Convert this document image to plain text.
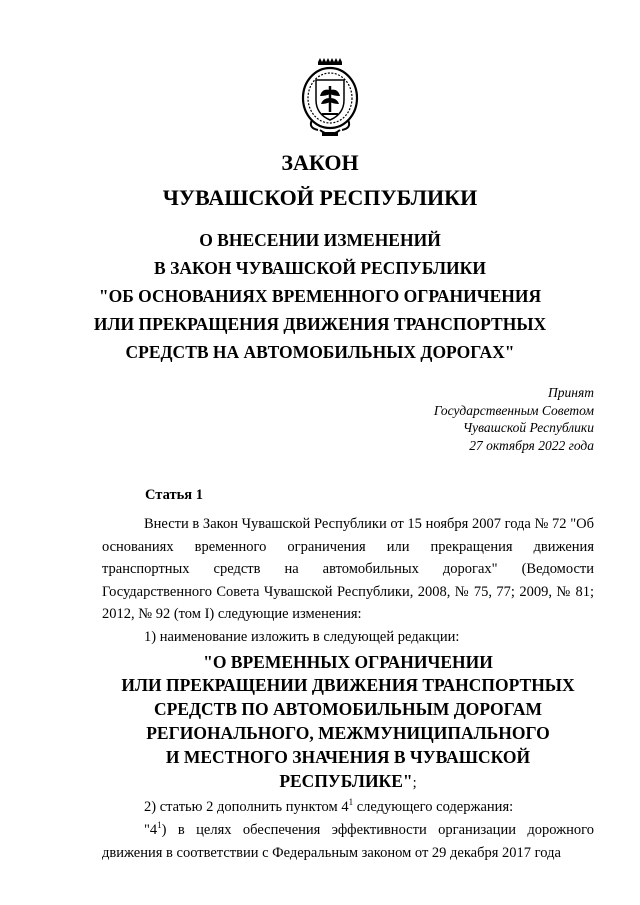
ЗАКОН
ЧУВАШСКОЙ РЕСПУБЛИКИ
О ВНЕСЕНИИ ИЗМЕНЕНИЙ
В ЗАКОН ЧУВАШСКОЙ РЕСПУБЛИКИ
"ОБ ОСНОВАНИЯХ ВРЕМЕННОГО ОГРАНИЧЕНИЯ
ИЛИ ПРЕКРАЩЕНИЯ ДВИЖЕНИЯ ТРАНСПОРТНЫХ
СРЕДСТВ НА АВТОМОБИЛЬНЫХ ДОРОГАХ"
Принят
Государственным Советом
Чувашской Республики
27 октября 2022 года
Статья 1

Внести в Закон Чувашской Республики от 15 ноября 2007 года № 72 "Об основаниях временного ограничения или прекращения движения транспортных средств на автомобильных дорогах" (Ведомости Государственного Совета Чувашской Республики, 2008, № 75, 77; 2009, № 81; 2012, № 92 (том I) следующие изменения:

1) наименование изложить в следующей редакции:

"О ВРЕМЕННЫХ ОГРАНИЧЕНИИ
ИЛИ ПРЕКРАЩЕНИИ ДВИЖЕНИЯ ТРАНСПОРТНЫХ
СРЕДСТВ ПО АВТОМОБИЛЬНЫМ ДОРОГАМ
РЕГИОНАЛЬНОГО, МЕЖМУНИЦИПАЛЬНОГО
И МЕСТНОГО ЗНАЧЕНИЯ В ЧУВАШСКОЙ РЕСПУБЛИКЕ";

2) статью 2 дополнить пунктом $4^1$ следующего содержания:

"$4^1$) в целях обеспечения эффективности организации дорожного движения в соответствии с Федеральным законом от 29 декабря 2017 года
